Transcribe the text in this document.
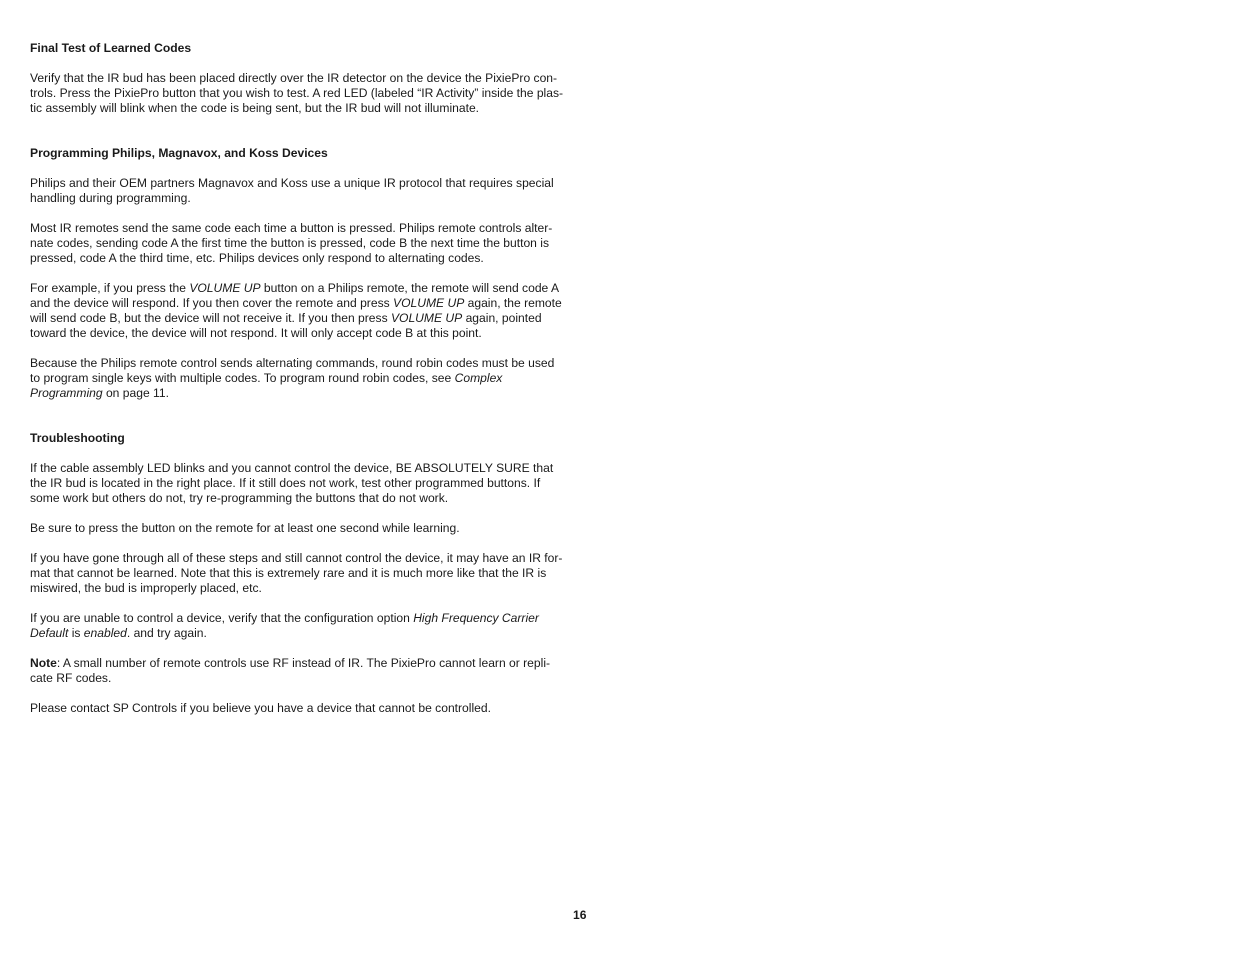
Final Test of Learned Codes

Verify that the IR bud has been placed directly over the IR detector on the device the PixiePro con-
trols. Press the PixiePro button that you wish to test. A red LED (labeled “IR Activity” inside the plas-
tic assembly will blink when the code is being sent, but the IR bud will not illuminate.

Programming Philips, Magnavox, and Koss Devices

Philips and their OEM partners Magnavox and Koss use a unique IR protocol that requires special
handling during programming.

Most IR remotes send the same code each time a button is pressed. Philips remote controls alter-
nate codes, sending code A the first time the button is pressed, code B the next time the button is
pressed, code A the third time, etc. Philips devices only respond to alternating codes.

For example, if you press the VOLUME UP button on a Philips remote, the remote will send code A
and the device will respond. If you then cover the remote and press VOLUME UP again, the remote
will send code B, but the device will not receive it. If you then press VOLUME UP again, pointed
toward the device, the device will not respond. It will only accept code B at this point.

Because the Philips remote control sends alternating commands, round robin codes must be used
to program single keys with multiple codes. To program round robin codes, see Complex
Programming on page 11.

Troubleshooting

If the cable assembly LED blinks and you cannot control the device, BE ABSOLUTELY SURE that
the IR bud is located in the right place. If it still does not work, test other programmed buttons. If
some work but others do not, try re-programming the buttons that do not work.

Be sure to press the button on the remote for at least one second while learning.

If you have gone through all of these steps and still cannot control the device, it may have an IR for-
mat that cannot be learned. Note that this is extremely rare and it is much more like that the IR is
miswired, the bud is improperly placed, etc.

If you are unable to control a device, verify that the configuration option High Frequency Carrier
Default is enabled. and try again.

Note: A small number of remote controls use RF instead of IR. The PixiePro cannot learn or repli-
cate RF codes.

Please contact SP Controls if you believe you have a device that cannot be controlled.

16
